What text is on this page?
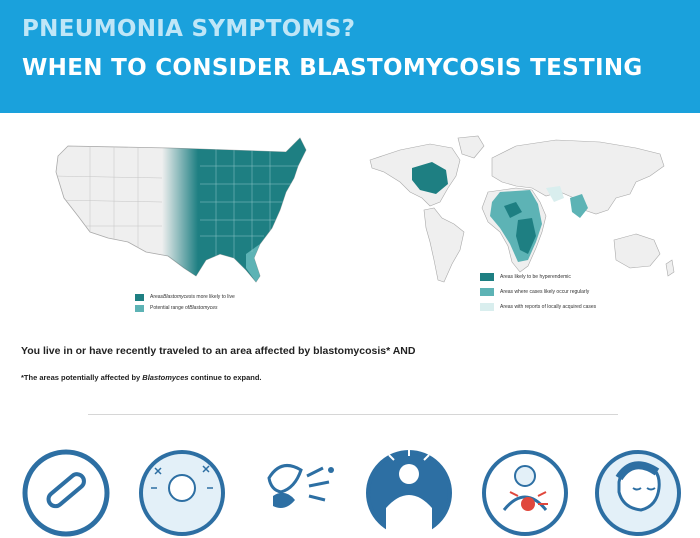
PNEUMONIA SYMPTOMS?
WHEN TO CONSIDER BLASTOMYCOSIS TESTING
Areas Blastomyces is more likely to live
Potential range of Blastomyces
Areas likely to be hyperendemic
Areas where cases likely occur regularly
Areas with reports of locally acquired cases
You live in or have recently traveled to an area affected by blastomycosis* AND
*The areas potentially affected by Blastomyces continue to expand.
